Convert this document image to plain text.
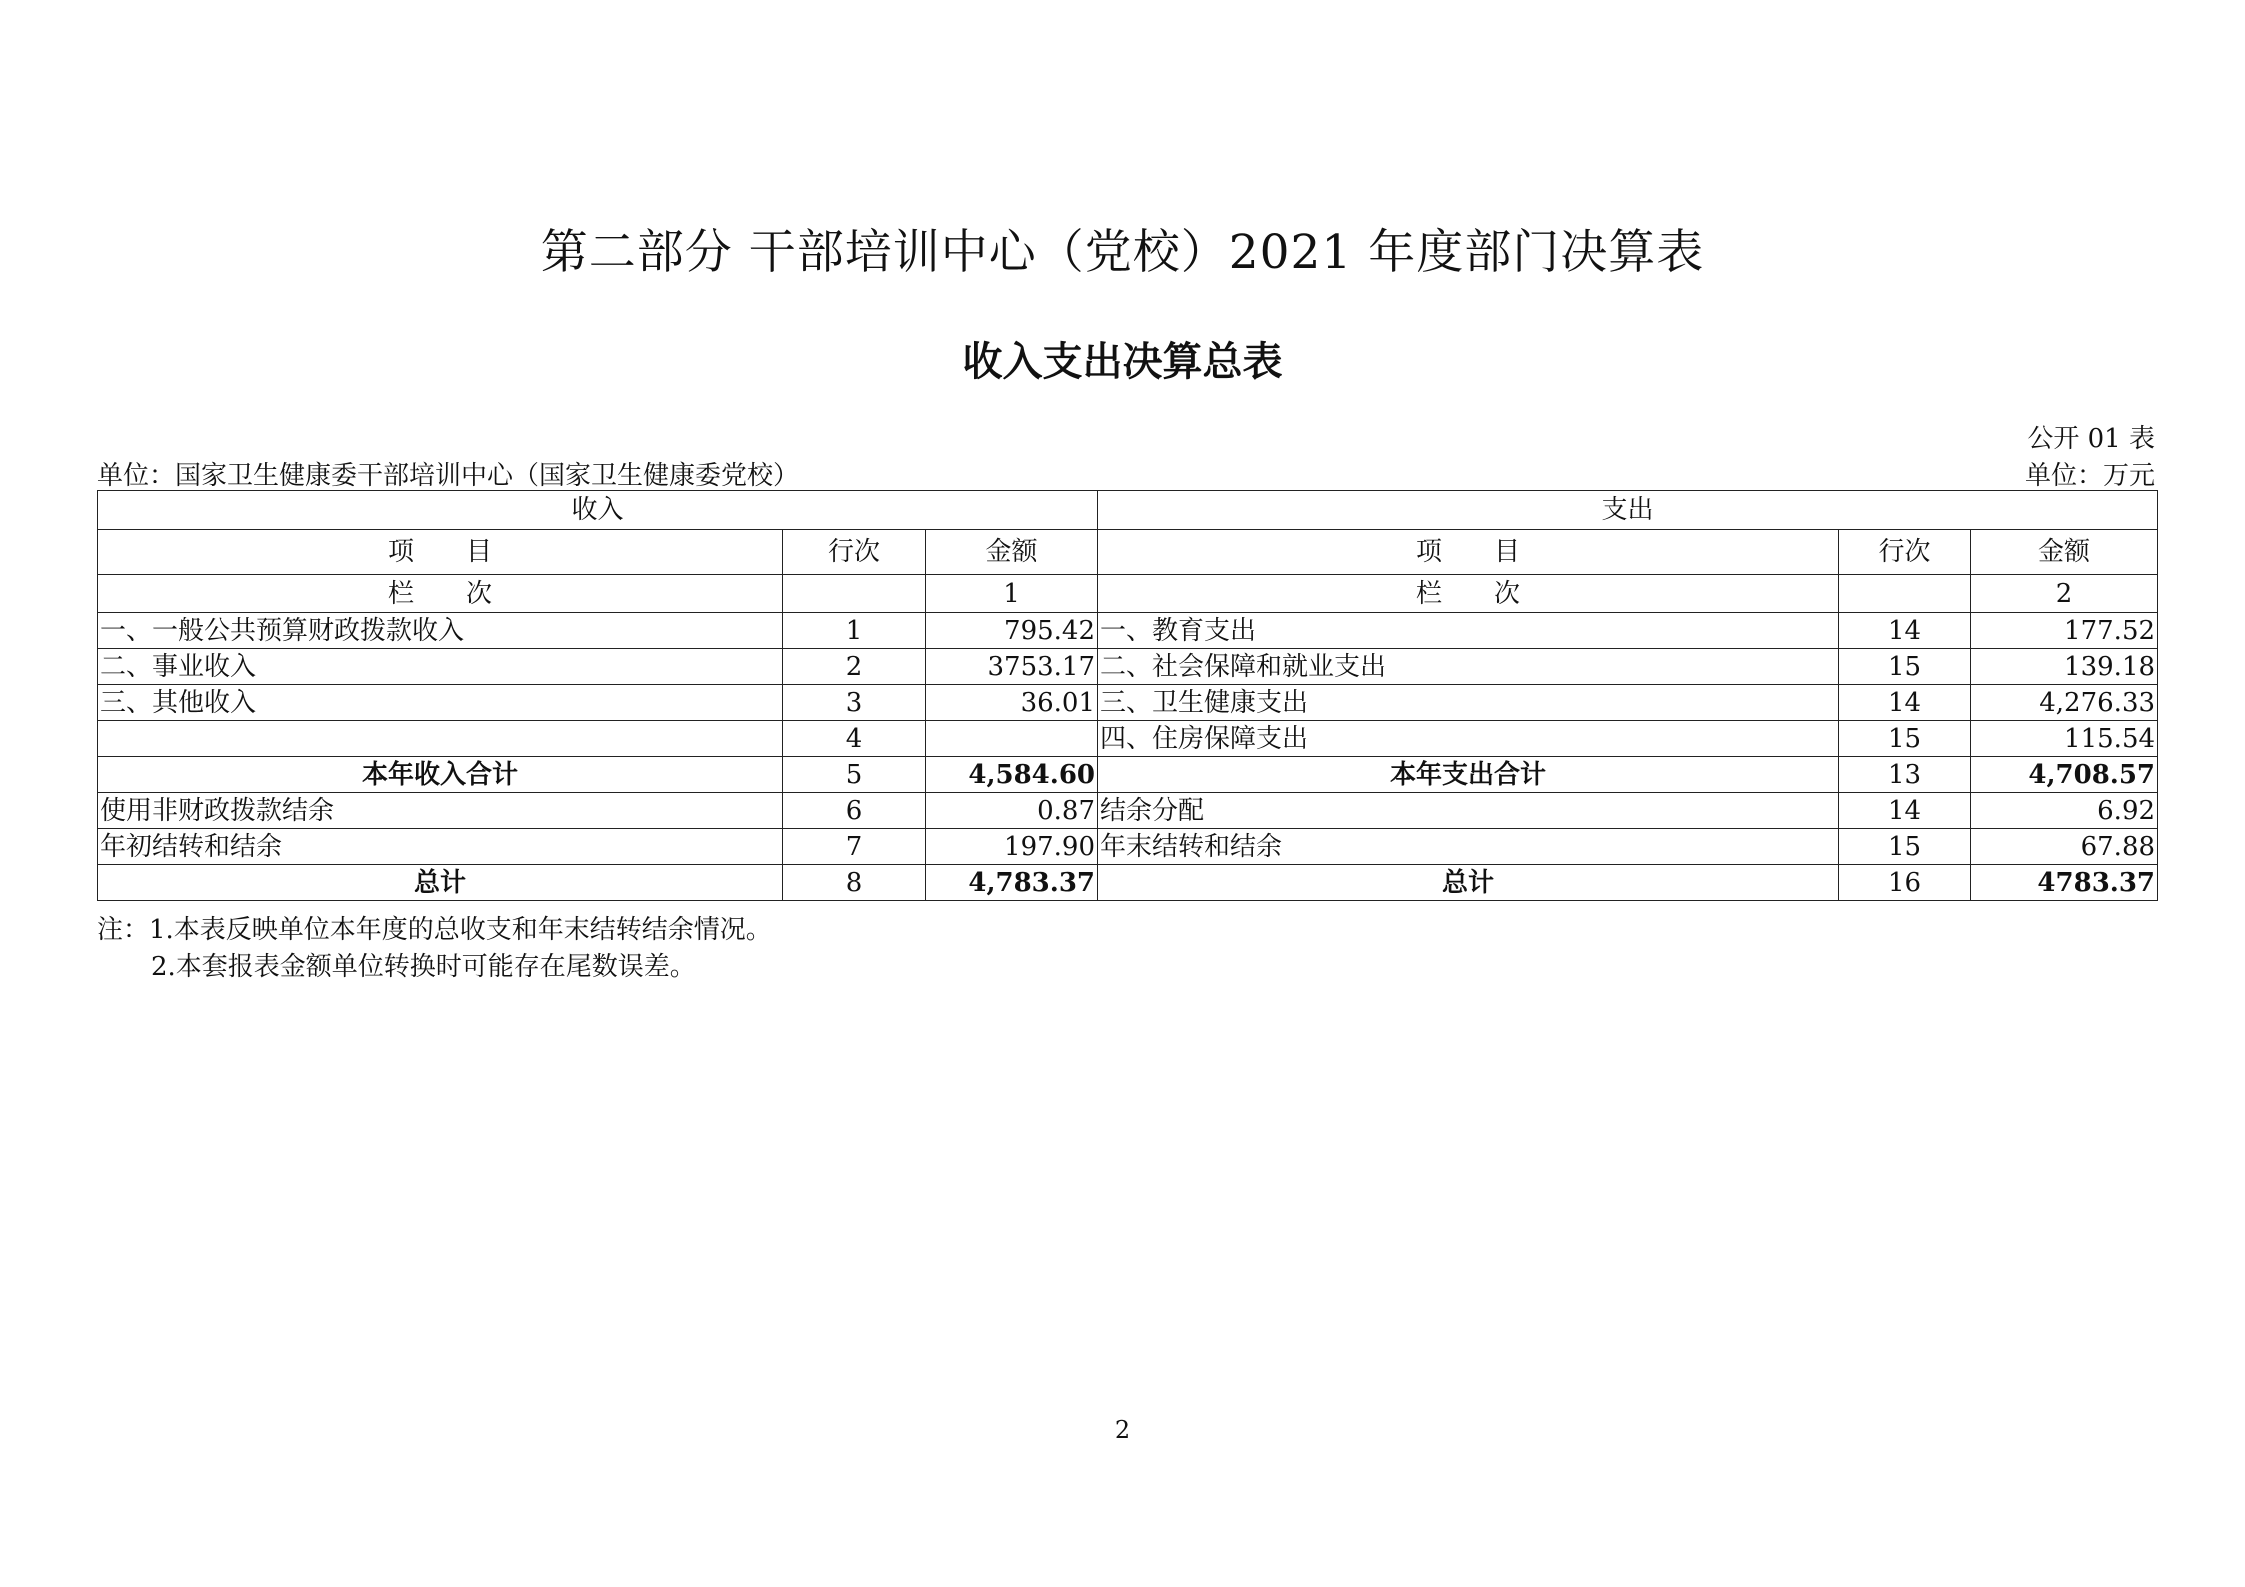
第二部分 干部培训中心（党校）2021 年度部门决算表
收入支出决算总表
公开 01 表
单位：国家卫生健康委干部培训中心（国家卫生健康委党校）	单位：万元
收入			支出		
项　　目	行次	金额	项　　目	行次	金额
栏　　次		1	栏　　次		2
一、一般公共预算财政拨款收入	1	795.42	一、教育支出	14	177.52
二、事业收入	2	3753.17	二、社会保障和就业支出	15	139.18
三、其他收入	3	36.01	三、卫生健康支出	14	4,276.33
	4		四、住房保障支出	15	115.54
本年收入合计	5	4,584.60	本年支出合计	13	4,708.57
使用非财政拨款结余	6	0.87	结余分配	14	6.92
年初结转和结余	7	197.90	年末结转和结余	15	67.88
总计	8	4,783.37	总计	16	4783.37
注：1.本表反映单位本年度的总收支和年末结转结余情况。
2.本套报表金额单位转换时可能存在尾数误差。
2
